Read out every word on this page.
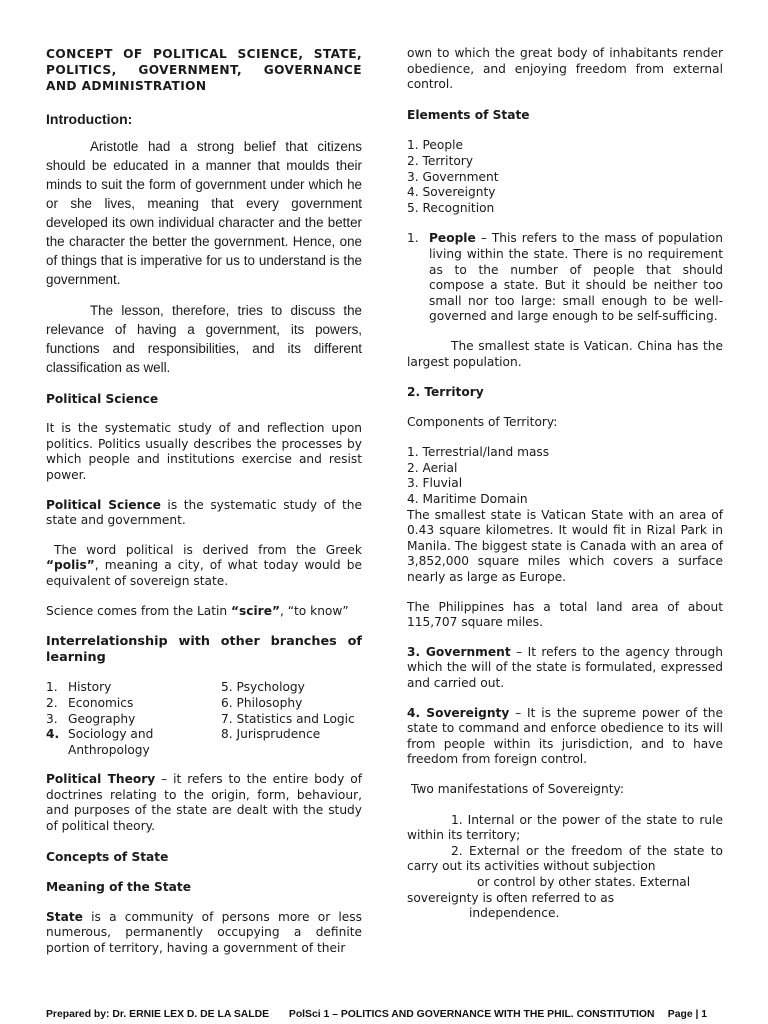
CONCEPT OF POLITICAL SCIENCE, STATE, POLITICS, GOVERNMENT, GOVERNANCE AND ADMINISTRATION

Introduction:

Aristotle had a strong belief that citizens should be educated in a manner that moulds their minds to suit the form of government under which he or she lives, meaning that every government developed its own individual character and the better the character the better the government. Hence, one of things that is imperative for us to understand is the government.

The lesson, therefore, tries to discuss the relevance of having a government, its powers, functions and responsibilities, and its different classification as well.

Political Science

It is the systematic study of and reflection upon politics. Politics usually describes the processes by which people and institutions exercise and resist power.

Political Science is the systematic study of the state and government.

The word political is derived from the Greek “polis”, meaning a city, of what today would be equivalent of sovereign state.

Science comes from the Latin “scire”, “to know”

Interrelationship with other branches of learning

1. History
2. Economics
3. Geography
4. Sociology and Anthropology
5. Psychology
6. Philosophy
7. Statistics and Logic
8. Jurisprudence

Political Theory – it refers to the entire body of doctrines relating to the origin, form, behaviour, and purposes of the state are dealt with the study of political theory.

Concepts of State

Meaning of the State

State is a community of persons more or less numerous, permanently occupying a definite portion of territory, having a government of their

own to which the great body of inhabitants render obedience, and enjoying freedom from external control.

Elements of State

1. People
2. Territory
3. Government
4. Sovereignty
5. Recognition
1. People – This refers to the mass of population living within the state. There is no requirement as to the number of people that should compose a state. But it should be neither too small nor too large: small enough to be well-governed and large enough to be self-sufficing.

The smallest state is Vatican. China has the largest population.

2. Territory

Components of Territory:

1. Terrestrial/land mass
2. Aerial
3. Fluvial
4. Maritime Domain

The smallest state is Vatican State with an area of 0.43 square kilometres. It would fit in Rizal Park in Manila. The biggest state is Canada with an area of 3,852,000 square miles which covers a surface nearly as large as Europe.

The Philippines has a total land area of about 115,707 square miles.

3. Government – It refers to the agency through which the will of the state is formulated, expressed and carried out.

4. Sovereignty – It is the supreme power of the state to command and enforce obedience to its will from people within its jurisdiction, and to have freedom from foreign control.

Two manifestations of Sovereignty:

1. Internal or the power of the state to rule within its territory;

2. External or the freedom of the state to carry out its activities without subjection

or control by other states. External sovereignty is often referred to as

independence.

Prepared by: Dr. ERNIE LEX D. DE LA SALDE PolSci 1 – POLITICS AND GOVERNANCE WITH THE PHIL. CONSTITUTION Page | 1
